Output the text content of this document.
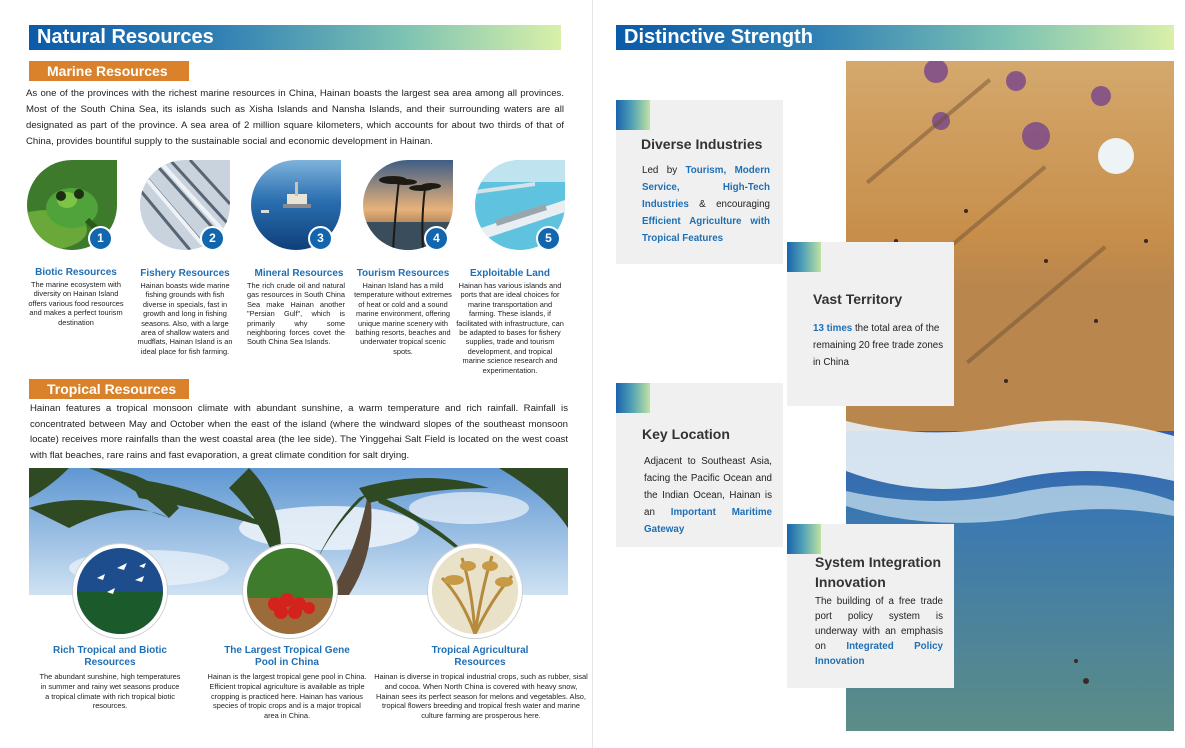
Natural Resources
Marine Resources
As one of the provinces with the richest marine resources in China, Hainan boasts the largest sea area among all provinces. Most of the South China Sea, its islands such as Xisha Islands and Nansha Islands, and their surrounding waters are all designated as part of the province. A sea area of 2 million square kilometers, which accounts for about two thirds of that of China, provides bountiful supply to the sustainable social and economic development in Hainan.
1	2	3	4	5
Biotic Resources
The marine ecosystem with diversity on Hainan Island offers various food resources and makes a perfect tourism destination
Fishery Resources
Hainan boasts wide marine fishing grounds with fish diverse in specials, fast in growth and long in fishing seasons. Also, with a large area of shallow waters and mudflats, Hainan Island is an ideal place for fish farming.
Mineral Resources
The rich crude oil and natural gas resources in South China Sea make Hainan another "Persian Gulf", which is primarily why some neighboring forces covet the South China Sea Islands.
Tourism Resources
Hainan Island has a mild temperature without extremes of heat or cold and a sound marine environment, offering unique marine scenery with bathing resorts, beaches and underwater tropical scenic spots.
Exploitable Land
Hainan has various islands and ports that are ideal choices for marine transportation and farming. These islands, if facilitated with infrastructure, can be adapted to bases for fishery supplies, trade and tourism development, and tropical marine science research and experimentation.
Tropical Resources
Hainan features a tropical monsoon climate with abundant sunshine, a warm temperature and rich rainfall. Rainfall is concentrated between May and October when the east of the island (where the windward slopes of the southeast monsoon locate) receives more rainfalls than the west coastal area (the lee side). The Yinggehai Salt Field is located on the west coast with flat beaches, rare rains and fast evaporation, a great climate condition for salt drying.
Rich Tropical and Biotic Resources
The abundant sunshine, high temperatures in summer and rainy wet seasons produce a tropical climate with rich tropical biotic resources.
The Largest Tropical Gene Pool in China
Hainan is the largest tropical gene pool in China. Efficient tropical agriculture is available as triple cropping is practiced here. Hainan has various species of tropic crops and is a major tropical area in China.
Tropical Agricultural Resources
Hainan is diverse in tropical industrial crops, such as rubber, sisal and cocoa. When North China is covered with heavy snow, Hainan sees its perfect season for melons and vegetables. Also, tropical flowers breeding and tropical fresh water and marine culture farming are prosperous here.
Distinctive Strength
Diverse Industries
Led by Tourism, Modern Service, High-Tech Industries & encouraging Efficient Agriculture with Tropical Features
Vast Territory
13 times the total area of the remaining 20 free trade zones in China
Key Location
Adjacent to Southeast Asia, facing the Pacific Ocean and the Indian Ocean, Hainan is an Important Maritime Gateway
System Integration Innovation
The building of a free trade port policy system is underway with an emphasis on Integrated Policy Innovation
